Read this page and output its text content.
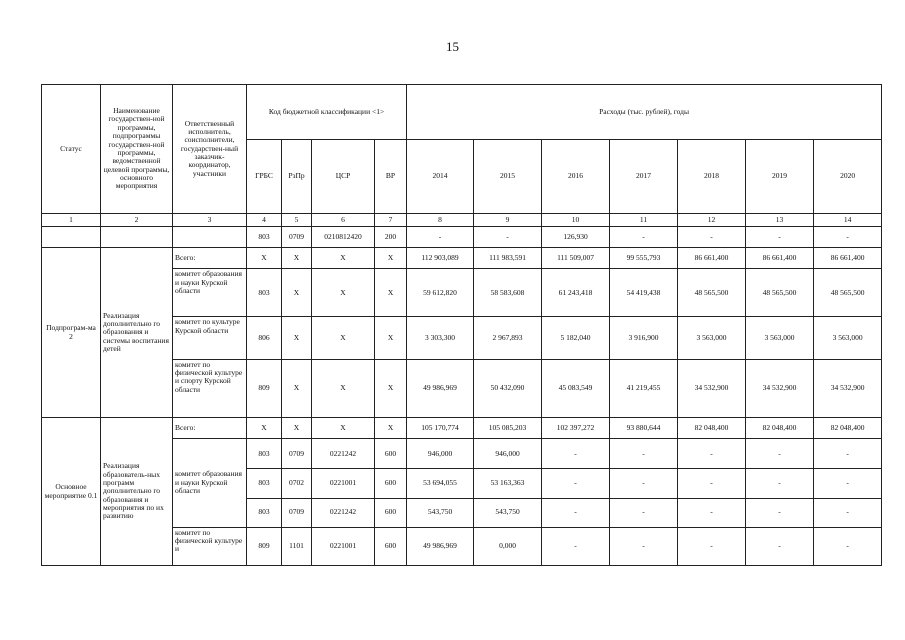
15
Статус	Наименование государствен-ной программы, подпрограммы государствен-ной программы, ведомственной целевой программы, основного мероприятия	Ответственный исполнитель, соисполнители, государствен-ный заказчик-координатор, участники	Код бюджетной классификации <1>				Расходы (тыс. рублей), годы						
			ГРБС	РзПр	ЦСР	ВР	2014	2015	2016	2017	2018	2019	2020
1	2	3	4	5	6	7	8	9	10	11	12	13	14
			803	0709	0210812420	200	-	-	126,930	-	-	-	-
Подпрограм-ма 2	Реализация дополнительно го образования и системы воспитания детей	Всего:	X	X	X	X	112 903,089	111 983,591	111 509,007	99 555,793	86 661,400	86 661,400	86 661,400
		комитет образования и науки Курской области	803	X	X	X	59 612,820	58 583,608	61 243,418	54 419,438	48 565,500	48 565,500	48 565,500
		комитет по культуре Курской области	806	X	X	X	3 303,300	2 967,893	5 182,040	3 916,900	3 563,000	3 563,000	3 563,000
		комитет по физической культуре и спорту Курской области	809	X	X	X	49 986,969	50 432,090	45 083,549	41 219,455	34 532,900	34 532,900	34 532,900
Основное мероприятие 0.1	Реализация образователь-ных программ дополнительно го образования и мероприятия по их развитию	Всего:	X	X	X	X	105 170,774	105 085,203	102 397,272	93 880,644	82 048,400	82 048,400	82 048,400
		комитет образования и науки Курской области	803	0709	0221242	600	946,000	946,000	-	-	-	-	-
			803	0702	0221001	600	53 694,055	53 163,363	-	-	-	-	-
			803	0709	0221242	600	543,750	543,750	-	-	-	-	-
		комитет по физической культуре и	809	1101	0221001	600	49 986,969	0,000	-	-	-	-	-
